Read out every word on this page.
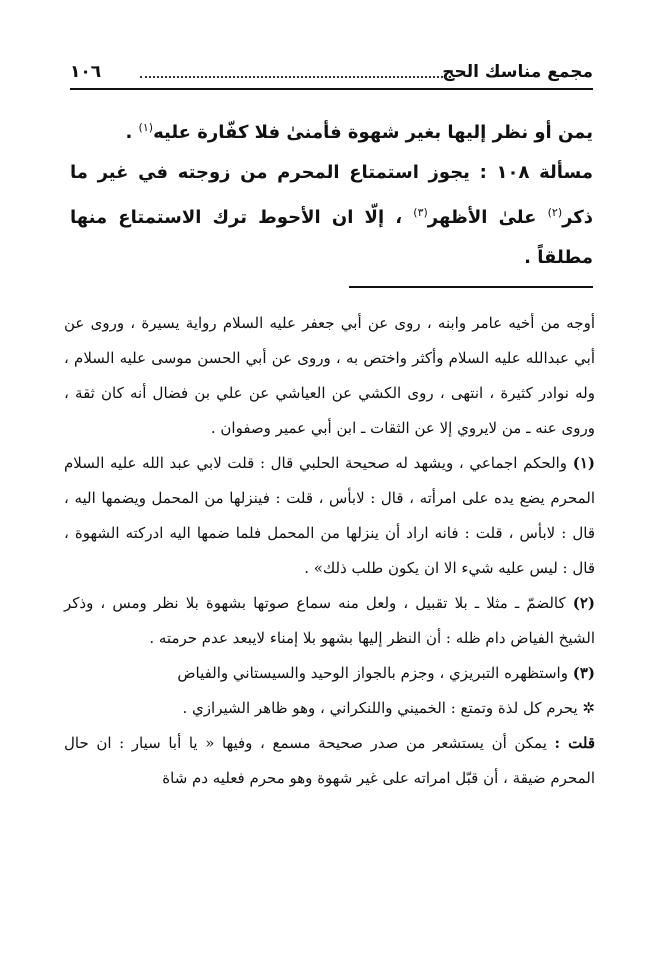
مجمع مناسك الحج
١٠٦

يمن أو نظر إليها بغير شهوة فأمنىٰ فلا كفّارة عليه$^{(١)}$ .

مسألة ١٠٨ : يجوز استمتاع المحرم من زوجته في غير ما ذكر$^{(٢)}$ علىٰ الأظهر$^{(٣)}$ ، إلّا ان الأحوط ترك الاستمتاع منها مطلقاً .

أوجه من أخيه عامر وابنه ، روى عن أبي جعفر عليه السلام رواية يسيرة ، وروى عن أبي عبدالله عليه السلام وأكثر واختص به ، وروى عن أبي الحسن موسى عليه السلام ، وله نوادر كثيرة ، انتهى ، روى الكشي عن العياشي عن علي بن فضال أنه كان ثقة ، وروى عنه ـ من لايروي إلا عن الثقات ـ ابن أبي عمير وصفوان .

(١) والحكم اجماعي ، ويشهد له صحيحة الحلبي قال : قلت لابي عبد الله عليه السلام المحرم يضع يده على امرأته ، قال : لابأس ، قلت : فينزلها من المحمل ويضمها اليه ، قال : لابأس ، قلت : فانه اراد أن ينزلها من المحمل فلما ضمها اليه ادركته الشهوة ، قال : ليس عليه شيء الا ان يكون طلب ذلك» .

(٢) كالضمّ ـ مثلا ـ بلا تقبيل ، ولعل منه سماع صوتها بشهوة بلا نظر ومس ، وذكر الشيخ الفياض دام ظله : أن النظر إليها بشهو بلا إمناء لايبعد عدم حرمته .

(٣) واستظهره التبريزي ، وجزم بالجواز الوحيد والسيستاني والفياض

✲ يحرم كل لذة وتمتع : الخميني واللنكراني ، وهو ظاهر الشيرازي .

قلت : يمكن أن يستشعر من صدر صحيحة مسمع ، وفيها « يا أبا سيار : ان حال المحرم ضيقة ، أن قبّل امراته على غير شهوة وهو محرم فعليه دم شاة
